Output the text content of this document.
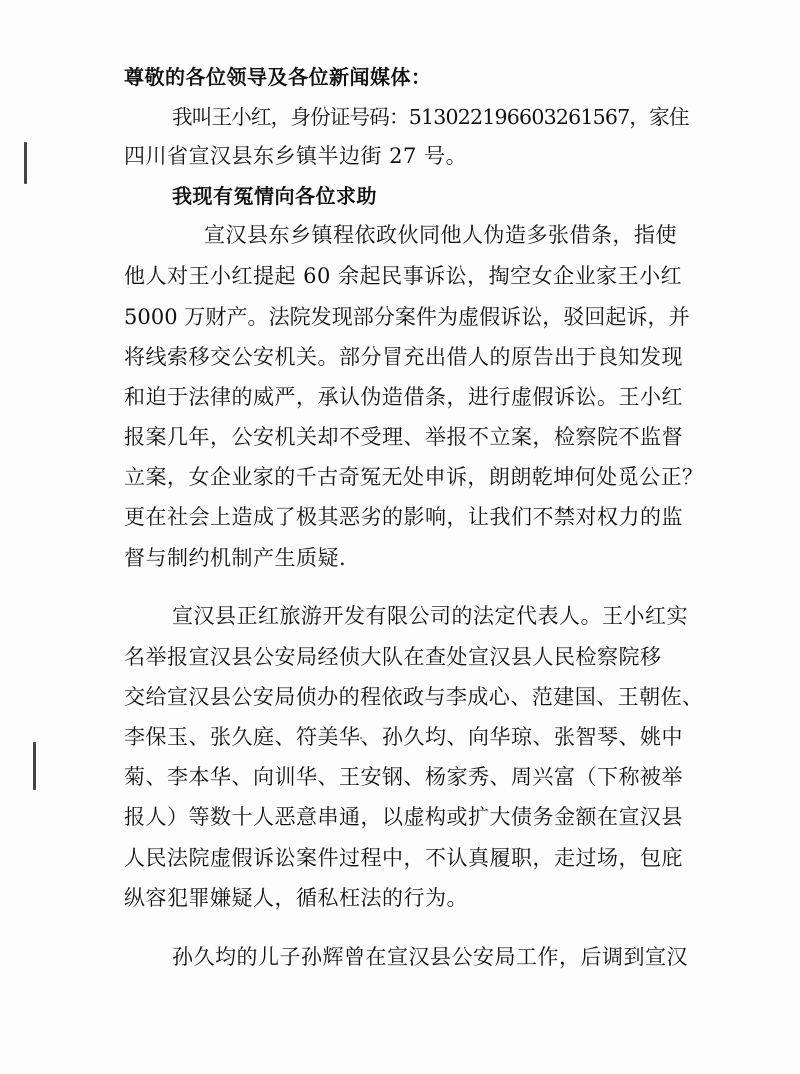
尊敬的各位领导及各位新闻媒体：
我叫王小红，身份证号码：513022196603261567，家住
四川省宣汉县东乡镇半边街 27 号。
我现有冤情向各位求助
宣汉县东乡镇程依政伙同他人伪造多张借条，指使
他人对王小红提起 60 余起民事诉讼，掏空女企业家王小红
5000 万财产。法院发现部分案件为虚假诉讼，驳回起诉，并
将线索移交公安机关。部分冒充出借人的原告出于良知发现
和迫于法律的威严，承认伪造借条，进行虚假诉讼。王小红
报案几年，公安机关却不受理、举报不立案，检察院不监督
立案，女企业家的千古奇冤无处申诉，朗朗乾坤何处觅公正？
更在社会上造成了极其恶劣的影响，让我们不禁对权力的监
督与制约机制产生质疑.
宣汉县正红旅游开发有限公司的法定代表人。王小红实
名举报宣汉县公安局经侦大队在查处宣汉县人民检察院移
交给宣汉县公安局侦办的程依政与李成心、范建国、王朝佐、
李保玉、张久庭、符美华、孙久均、向华琼、张智琴、姚中
菊、李本华、向训华、王安钢、杨家秀、周兴富（下称被举
报人）等数十人恶意串通，以虚构或扩大债务金额在宣汉县
人民法院虚假诉讼案件过程中，不认真履职，走过场，包庇
纵容犯罪嫌疑人，循私枉法的行为。
孙久均的儿子孙辉曾在宣汉县公安局工作，后调到宣汉
